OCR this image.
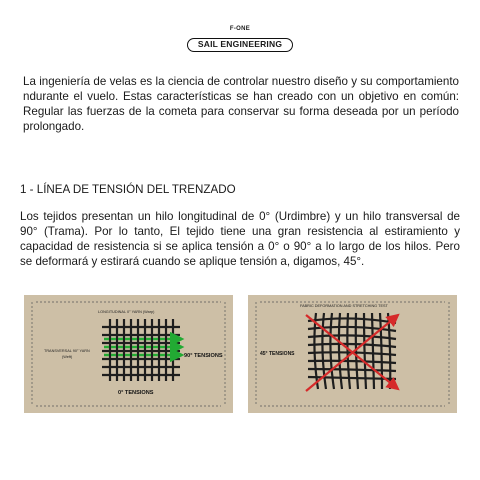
F-ONE
SAIL ENGINEERING

La ingeniería de velas es la ciencia de controlar nuestro diseño y su comportamiento ndurante el vuelo. Estas características se han creado con un objetivo en común: Regular las fuerzas de la cometa para conservar su forma deseada por un período prolongado.

1 - LÍNEA DE TENSIÓN DEL TRENZADO

Los tejidos presentan un hilo longitudinal de 0° (Urdimbre) y un hilo transversal de 90° (Trama). Por lo tanto, El tejido tiene una gran resistencia al estiramiento y capacidad de resistencia si se aplica tensión a 0° o 90° a lo largo de los hilos. Pero se deformará y estirará cuando se aplique tensión a, digamos, 45°.

LONGITUDINAL 0° YARN (Warp)
TRANSVERSAL 90° YARN
(Weft)	90° TENSIONS
0° TENSIONS
FABRIC DEFORMATION AND STRETCHING TEST
45° TENSIONS
